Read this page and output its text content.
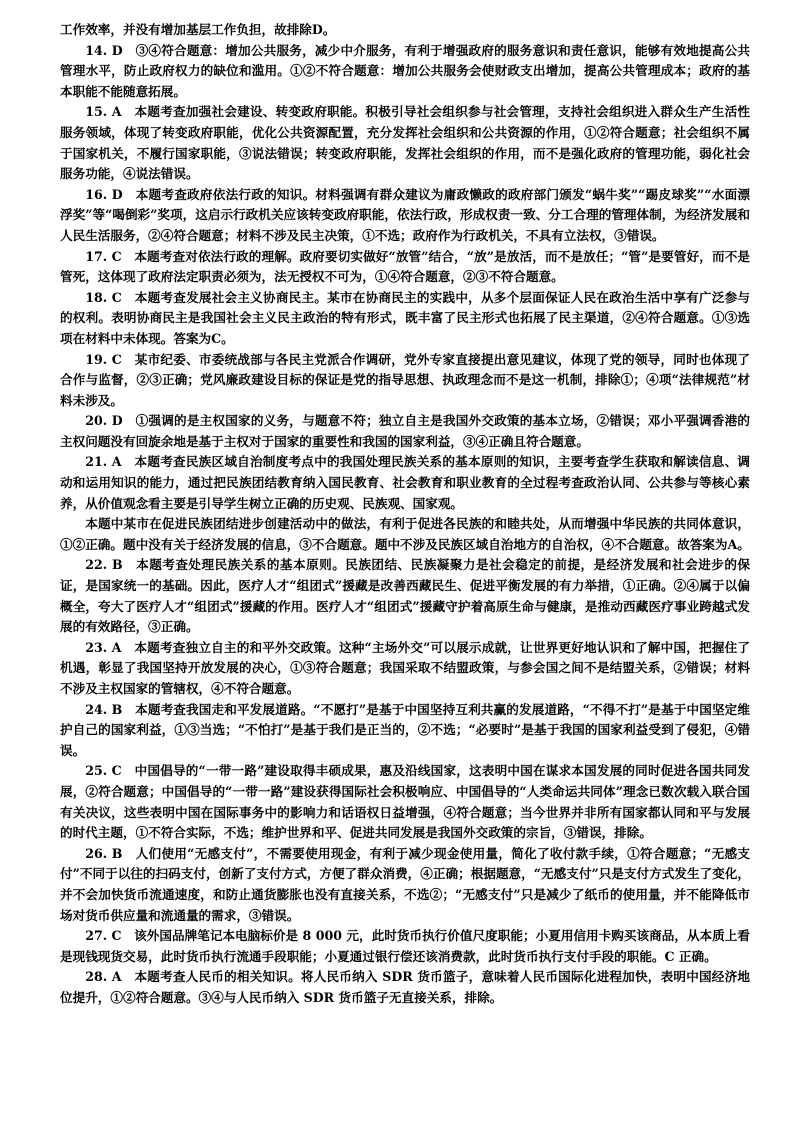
工作效率，并没有增加基层工作负担，故排除D。

14. D　③④符合题意：增加公共服务，减少中介服务，有利于增强政府的服务意识和责任意识，能够有效地提高公共管理水平，防止政府权力的缺位和滥用。①②不符合题意：增加公共服务会使财政支出增加，提高公共管理成本；政府的基本职能不能随意拓展。

15. A　本题考查加强社会建设、转变政府职能。积极引导社会组织参与社会管理，支持社会组织进入群众生产生活性服务领域，体现了转变政府职能，优化公共资源配置，充分发挥社会组织和公共资源的作用，①②符合题意；社会组织不属于国家机关，不履行国家职能，③说法错误；转变政府职能，发挥社会组织的作用，而不是强化政府的管理功能，弱化社会服务功能，④说法错误。

16. D　本题考查政府依法行政的知识。材料强调有群众建议为庸政懒政的政府部门颁发“蜗牛奖”“踢皮球奖”“水面漂浮奖”等“喝倒彩”奖项，这启示行政机关应该转变政府职能，依法行政，形成权责一致、分工合理的管理体制，为经济发展和人民生活服务，②④符合题意；材料不涉及民主决策，①不选；政府作为行政机关，不具有立法权，③错误。

17. C　本题考查对依法行政的理解。政府要切实做好“放管”结合，“放”是放活，而不是放任；“管”是要管好，而不是管死，这体现了政府法定职责必须为，法无授权不可为，①④符合题意，②③不符合题意。

18. C　本题考查发展社会主义协商民主。某市在协商民主的实践中，从多个层面保证人民在政治生活中享有广泛参与的权利。表明协商民主是我国社会主义民主政治的特有形式，既丰富了民主形式也拓展了民主渠道，②④符合题意。①③选项在材料中未体现。答案为C。

19. C　某市纪委、市委统战部与各民主党派合作调研，党外专家直接提出意见建议，体现了党的领导，同时也体现了合作与监督，②③正确；党风廉政建设目标的保证是党的指导思想、执政理念而不是这一机制，排除①；④项“法律规范”材料未涉及。

20. D　①强调的是主权国家的义务，与题意不符；独立自主是我国外交政策的基本立场，②错误；邓小平强调香港的主权问题没有回旋余地是基于主权对于国家的重要性和我国的国家利益，③④正确且符合题意。

21. A　本题考查民族区域自治制度考点中的我国处理民族关系的基本原则的知识，主要考查学生获取和解读信息、调动和运用知识的能力，通过把民族团结教育纳入国民教育、社会教育和职业教育的全过程考查政治认同、公共参与等核心素养，从价值观念看主要是引导学生树立正确的历史观、民族观、国家观。

本题中某市在促进民族团结进步创建活动中的做法，有利于促进各民族的和睦共处，从而增强中华民族的共同体意识，①②正确。题中没有关于经济发展的信息，③不合题意。题中不涉及民族区域自治地方的自治权，④不合题意。故答案为A。

22. B　本题考查处理民族关系的基本原则。民族团结、民族凝聚力是社会稳定的前提，是经济发展和社会进步的保证，是国家统一的基础。因此，医疗人才“组团式”援藏是改善西藏民生、促进平衡发展的有力举措，①正确。②④属于以偏概全，夸大了医疗人才“组团式”援藏的作用。医疗人才“组团式”援藏守护着高原生命与健康，是推动西藏医疗事业跨越式发展的有效路径，③正确。

23. A　本题考查独立自主的和平外交政策。这种“主场外交”可以展示成就，让世界更好地认识和了解中国，把握住了机遇，彰显了我国坚持开放发展的决心，①③符合题意；我国采取不结盟政策，与参会国之间不是结盟关系，②错误；材料不涉及主权国家的管辖权，④不符合题意。

24. B　本题考查我国走和平发展道路。“不愿打”是基于中国坚持互利共赢的发展道路，“不得不打”是基于中国坚定维护自己的国家利益，①③当选；“不怕打”是基于我们是正当的，②不选；“必要时”是基于我国的国家利益受到了侵犯，④错误。

25. C　中国倡导的“一带一路”建设取得丰硕成果，惠及沿线国家，这表明中国在谋求本国发展的同时促进各国共同发展，②符合题意；中国倡导的“一带一路”建设获得国际社会积极响应、中国倡导的“人类命运共同体”理念已数次载入联合国有关决议，这些表明中国在国际事务中的影响力和话语权日益增强，④符合题意；当今世界并非所有国家都认同和平与发展的时代主题，①不符合实际，不选；维护世界和平、促进共同发展是我国外交政策的宗旨，③错误，排除。

26. B　人们使用“无感支付”，不需要使用现金，有利于减少现金使用量，简化了收付款手续，①符合题意；“无感支付”不同于以往的扫码支付，创新了支付方式，方便了群众消费，④正确；根据题意，“无感支付”只是支付方式发生了变化，并不会加快货币流通速度，和防止通货膨胀也没有直接关系，不选②；“无感支付”只是减少了纸币的使用量，并不能降低市场对货币供应量和流通量的需求，③错误。

27. C　该外国品牌笔记本电脑标价是 8 000 元，此时货币执行价值尺度职能；小夏用信用卡购买该商品，从本质上看是现钱现货交易，此时货币执行流通手段职能；小夏通过银行偿还该消费款，此时货币执行支付手段的职能。C 正确。

28. A　本题考查人民币的相关知识。将人民币纳入 SDR 货币篮子，意味着人民币国际化进程加快，表明中国经济地位提升，①②符合题意。③④与人民币纳入 SDR 货币篮子无直接关系，排除。
